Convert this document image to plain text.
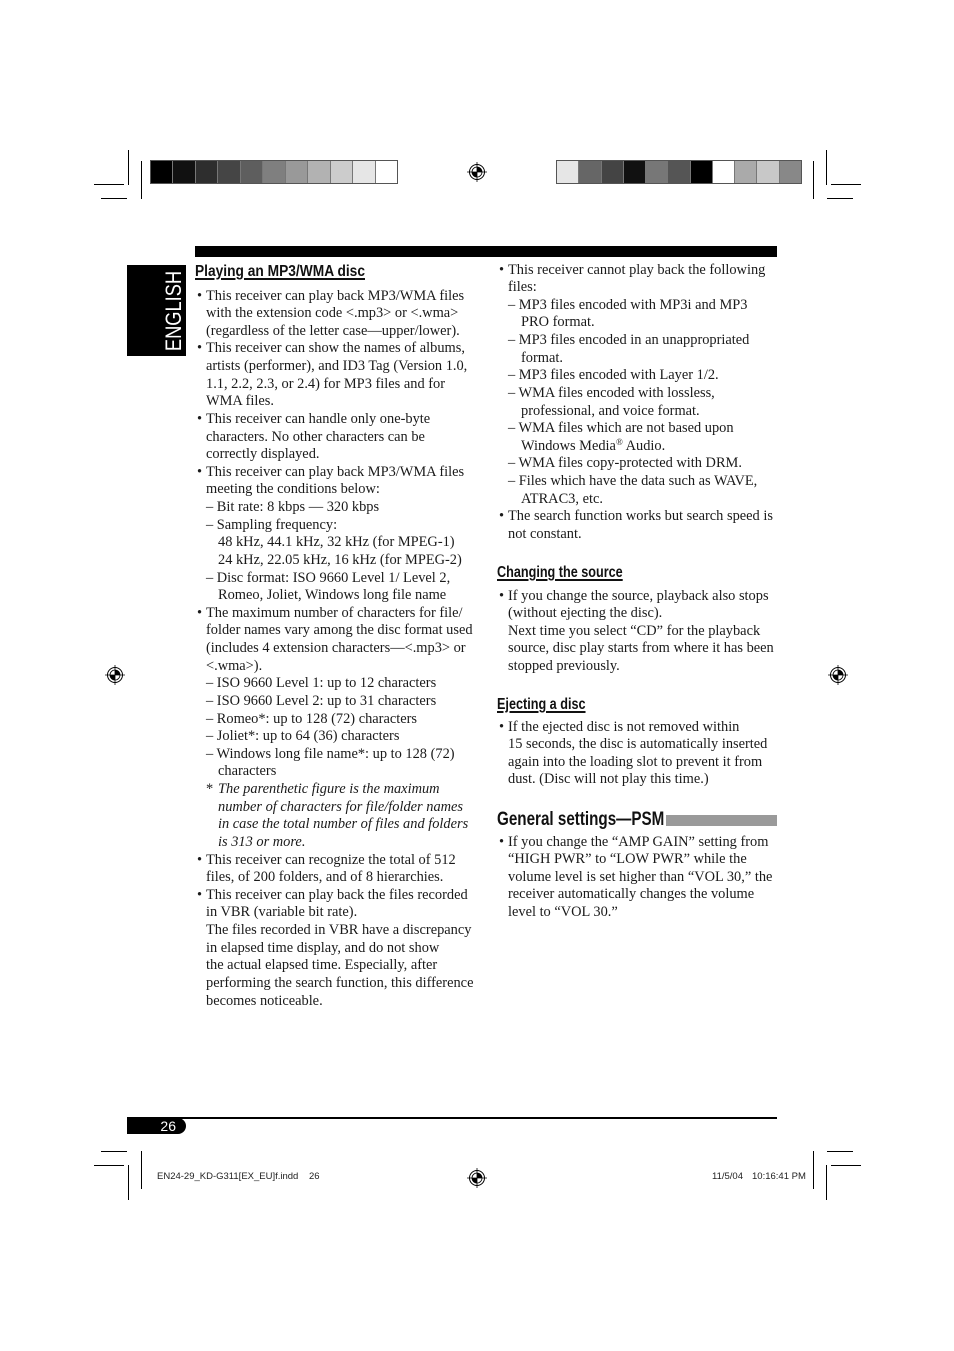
ENGLISH Playing an MP3/WMA disc
• This receiver can play back MP3/WMA files
with the extension code <.mp3> or <.wma>
(regardless of the letter case—upper/lower).
• This receiver can show the names of albums,
artists (performer), and ID3 Tag (Version 1.0,
1.1, 2.2, 2.3, or 2.4) for MP3 files and for
WMA files.
• This receiver can handle only one-byte
characters. No other characters can be
correctly displayed.
• This receiver can play back MP3/WMA files
meeting the conditions below:
– Bit rate: 8 kbps — 320 kbps
– Sampling frequency:
48 kHz, 44.1 kHz, 32 kHz (for MPEG-1)
24 kHz, 22.05 kHz, 16 kHz (for MPEG-2)
– Disc format: ISO 9660 Level 1/ Level 2,
Romeo, Joliet, Windows long file name
• The maximum number of characters for file/
folder names vary among the disc format used
(includes 4 extension characters—<.mp3> or
<.wma>).
– ISO 9660 Level 1: up to 12 characters
– ISO 9660 Level 2: up to 31 characters
– Romeo*: up to 128 (72) characters
– Joliet*: up to 64 (36) characters
– Windows long file name*: up to 128 (72)
characters
* The parenthetic figure is the maximum
number of characters for file/folder names
in case the total number of files and folders
is 313 or more.
• This receiver can recognize the total of 512
files, of 200 folders, and of 8 hierarchies.
• This receiver can play back the files recorded
in VBR (variable bit rate).
The files recorded in VBR have a discrepancy
in elapsed time display, and do not show
the actual elapsed time. Especially, after
performing the search function, this difference
becomes noticeable.
• This receiver cannot play back the following
files:
– MP3 files encoded with MP3i and MP3
PRO format.
– MP3 files encoded in an unappropriated
format.
– MP3 files encoded with Layer 1/2.
– WMA files encoded with lossless,
professional, and voice format.
– WMA files which are not based upon
Windows Media® Audio.
– WMA files copy-protected with DRM.
– Files which have the data such as WAVE,
ATRAC3, etc.
• The search function works but search speed is
not constant.
Changing the source
• If you change the source, playback also stops
(without ejecting the disc).
Next time you select “CD” for the playback
source, disc play starts from where it has been
stopped previously.
Ejecting a disc
• If the ejected disc is not removed within
15 seconds, the disc is automatically inserted
again into the loading slot to prevent it from
dust. (Disc will not play this time.)
General settings—PSM
• If you change the “AMP GAIN” setting from
“HIGH PWR” to “LOW PWR” while the
volume level is set higher than “VOL 30,” the
receiver automatically changes the volume
level to “VOL 30.”
26
EN24-29_KD-G311[EX_EU]f.indd 26	11/5/04 10:16:41 PM
